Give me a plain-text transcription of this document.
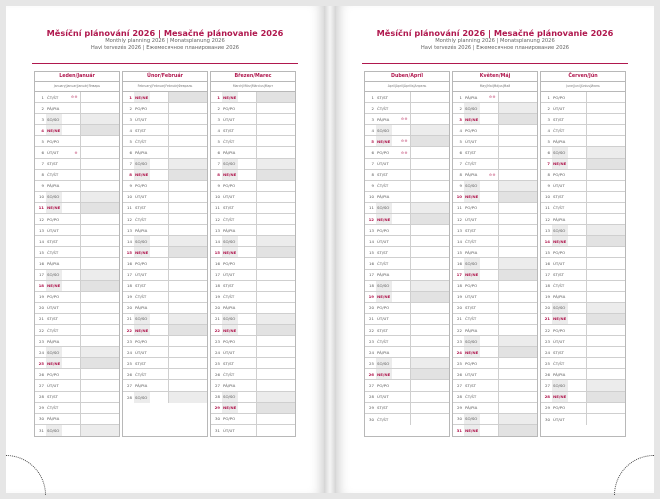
Měsíční plánování 2026 | Mesačné plánovanie 2026
Monthly planning 2026 | Monatsplanung 2026
Havi tervezés 2026 | Ежемесячное планирование 2026
Leden/Január
January|Januar|Január|Январь
1 ČT/ŠT	⊝⊝
2 PÁ/PIA
3 SO/SO
4 NE/NE
5 PO/PO
6 ÚT/UT	⊝
7 ST/ST
8 ČT/ŠT
9 PÁ/PIA
10 SO/SO
11 NE/NE
12 PO/PO
13 ÚT/UT
14 ST/ST
15 ČT/ŠT
16 PÁ/PIA
17 SO/SO
18 NE/NE
19 PO/PO
20 ÚT/UT
21 ST/ST
22 ČT/ŠT
23 PÁ/PIA
24 SO/SO
25 NE/NE
26 PO/PO
27 ÚT/UT
28 ST/ST
29 ČT/ŠT
30 PÁ/PIA
31 SO/SO
Únor/Február
February|Februar|Február|Февраль
1 NE/NE
2 PO/PO
3 ÚT/UT
4 ST/ST
5 ČT/ŠT
6 PÁ/PIA
7 SO/SO
8 NE/NE
9 PO/PO
10 ÚT/UT
11 ST/ST
12 ČT/ŠT
13 PÁ/PIA
14 SO/SO
15 NE/NE
16 PO/PO
17 ÚT/UT
18 ST/ST
19 ČT/ŠT
20 PÁ/PIA
21 SO/SO
22 NE/NE
23 PO/PO
24 ÚT/UT
25 ST/ST
26 ČT/ŠT
27 PÁ/PIA
28 SO/SO
Březen/Marec
March|März|Március|Март
1 NE/NE
2 PO/PO
3 ÚT/UT
4 ST/ST
5 ČT/ŠT
6 PÁ/PIA
7 SO/SO
8 NE/NE
9 PO/PO
10 ÚT/UT
11 ST/ST
12 ČT/ŠT
13 PÁ/PIA
14 SO/SO
15 NE/NE
16 PO/PO
17 ÚT/UT
18 ST/ST
19 ČT/ŠT
20 PÁ/PIA
21 SO/SO
22 NE/NE
23 PO/PO
24 ÚT/UT
25 ST/ST
26 ČT/ŠT
27 PÁ/PIA
28 SO/SO
29 NE/NE
30 PO/PO
31 ÚT/UT
Měsíční plánování 2026 | Mesačné plánovanie 2026
Monthly planning 2026 | Monatsplanung 2026
Havi tervezés 2026 | Ежемесячное планирование 2026
Duben/Apríl
April|April|Április|Апрель
1 ST/ST
2 ČT/ŠT
3 PÁ/PIA	⊝⊝
4 SO/SO
5 NE/NE	⊝⊝
6 PO/PO	⊝⊝
7 ÚT/UT
8 ST/ST
9 ČT/ŠT
10 PÁ/PIA
11 SO/SO
12 NE/NE
13 PO/PO
14 ÚT/UT
15 ST/ST
16 ČT/ŠT
17 PÁ/PIA
18 SO/SO
19 NE/NE
20 PO/PO
21 ÚT/UT
22 ST/ST
23 ČT/ŠT
24 PÁ/PIA
25 SO/SO
26 NE/NE
27 PO/PO
28 ÚT/UT
29 ST/ST
30 ČT/ŠT
Květen/Máj
May|Mai|Május|Май
1 PÁ/PIA	⊝⊝
2 SO/SO
3 NE/NE
4 PO/PO
5 ÚT/UT
6 ST/ST
7 ČT/ŠT
8 PÁ/PIA	⊝⊝
9 SO/SO
10 NE/NE
11 PO/PO
12 ÚT/UT
13 ST/ST
14 ČT/ŠT
15 PÁ/PIA
16 SO/SO
17 NE/NE
18 PO/PO
19 ÚT/UT
20 ST/ST
21 ČT/ŠT
22 PÁ/PIA
23 SO/SO
24 NE/NE
25 PO/PO
26 ÚT/UT
27 ST/ST
28 ČT/ŠT
29 PÁ/PIA
30 SO/SO
31 NE/NE
Červen/Jún
June|Juni|Június|Июнь
1 PO/PO
2 ÚT/UT
3 ST/ST
4 ČT/ŠT
5 PÁ/PIA
6 SO/SO
7 NE/NE
8 PO/PO
9 ÚT/UT
10 ST/ST
11 ČT/ŠT
12 PÁ/PIA
13 SO/SO
14 NE/NE
15 PO/PO
16 ÚT/UT
17 ST/ST
18 ČT/ŠT
19 PÁ/PIA
20 SO/SO
21 NE/NE
22 PO/PO
23 ÚT/UT
24 ST/ST
25 ČT/ŠT
26 PÁ/PIA
27 SO/SO
28 NE/NE
29 PO/PO
30 ÚT/UT
